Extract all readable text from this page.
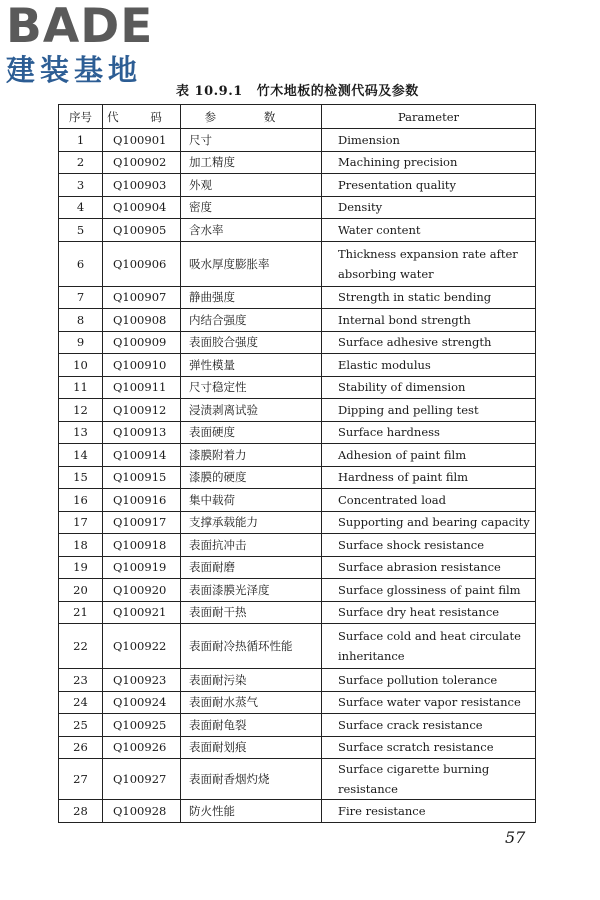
BADE
建装基地
表 10.9.1 竹木地板的检测代码及参数
序号	代 码	参 数	Parameter
1	Q100901	尺寸	Dimension
2	Q100902	加工精度	Machining precision
3	Q100903	外观	Presentation quality
4	Q100904	密度	Density
5	Q100905	含水率	Water content
6	Q100906	吸水厚度膨胀率	Thickness expansion rate after absorbing water
7	Q100907	静曲强度	Strength in static bending
8	Q100908	内结合强度	Internal bond strength
9	Q100909	表面胶合强度	Surface adhesive strength
10	Q100910	弹性模量	Elastic modulus
11	Q100911	尺寸稳定性	Stability of dimension
12	Q100912	浸渍剥离试验	Dipping and pelling test
13	Q100913	表面硬度	Surface hardness
14	Q100914	漆膜附着力	Adhesion of paint film
15	Q100915	漆膜的硬度	Hardness of paint film
16	Q100916	集中载荷	Concentrated load
17	Q100917	支撑承载能力	Supporting and bearing capacity
18	Q100918	表面抗冲击	Surface shock resistance
19	Q100919	表面耐磨	Surface abrasion resistance
20	Q100920	表面漆膜光泽度	Surface glossiness of paint film
21	Q100921	表面耐干热	Surface dry heat resistance
22	Q100922	表面耐冷热循环性能	Surface cold and heat circulate inheritance
23	Q100923	表面耐污染	Surface pollution tolerance
24	Q100924	表面耐水蒸气	Surface water vapor resistance
25	Q100925	表面耐龟裂	Surface crack resistance
26	Q100926	表面耐划痕	Surface scratch resistance
27	Q100927	表面耐香烟灼烧	Surface cigarette burning resistance
28	Q100928	防火性能	Fire resistance
57
